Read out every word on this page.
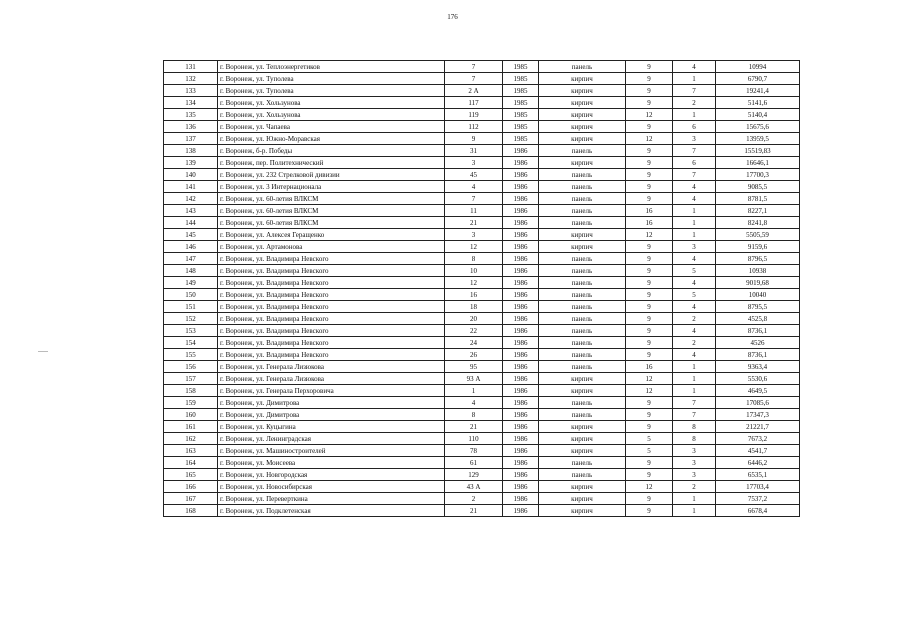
176
131	г. Воронеж, ул. Теплоэнергетиков	7	1985	панель	9	4	10994
132	г. Воронеж, ул. Туполева	7	1985	кирпич	9	1	6790,7
133	г. Воронеж, ул. Туполева	2 А	1985	кирпич	9	7	19241,4
134	г. Воронеж, ул. Хользунова	117	1985	кирпич	9	2	5141,6
135	г. Воронеж, ул. Хользунова	119	1985	кирпич	12	1	5140,4
136	г. Воронеж, ул. Чапаева	112	1985	кирпич	9	6	15675,6
137	г. Воронеж, ул. Южно-Моравская	9	1985	кирпич	12	3	13959,5
138	г. Воронеж, б-р. Победы	31	1986	панель	9	7	15519,83
139	г. Воронеж, пер. Политехнический	3	1986	кирпич	9	6	16646,1
140	г. Воронеж, ул. 232 Стрелковой дивизии	45	1986	панель	9	7	17700,3
141	г. Воронеж, ул. 3 Интернационала	4	1986	панель	9	4	9085,5
142	г. Воронеж, ул. 60-летия ВЛКСМ	7	1986	панель	9	4	8781,5
143	г. Воронеж, ул. 60-летия ВЛКСМ	11	1986	панель	16	1	8227,1
144	г. Воронеж, ул. 60-летия ВЛКСМ	21	1986	панель	16	1	8241,8
145	г. Воронеж, ул. Алексея Геращенко	3	1986	кирпич	12	1	5505,59
146	г. Воронеж, ул. Артамонова	12	1986	кирпич	9	3	9159,6
147	г. Воронеж, ул. Владимира Невского	8	1986	панель	9	4	8796,5
148	г. Воронеж, ул. Владимира Невского	10	1986	панель	9	5	10938
149	г. Воронеж, ул. Владимира Невского	12	1986	панель	9	4	9019,68
150	г. Воронеж, ул. Владимира Невского	16	1986	панель	9	5	10040
151	г. Воронеж, ул. Владимира Невского	18	1986	панель	9	4	8795,5
152	г. Воронеж, ул. Владимира Невского	20	1986	панель	9	2	4525,8
153	г. Воронеж, ул. Владимира Невского	22	1986	панель	9	4	8736,1
154	г. Воронеж, ул. Владимира Невского	24	1986	панель	9	2	4526
155	г. Воронеж, ул. Владимира Невского	26	1986	панель	9	4	8736,1
156	г. Воронеж, ул. Генерала Лизюкова	95	1986	панель	16	1	9363,4
157	г. Воронеж, ул. Генерала Лизюкова	93 А	1986	кирпич	12	1	5530,6
158	г. Воронеж, ул. Генерала Перхоровича	1	1986	кирпич	12	1	4649,5
159	г. Воронеж, ул. Димитрова	4	1986	панель	9	7	17085,6
160	г. Воронеж, ул. Димитрова	8	1986	панель	9	7	17347,3
161	г. Воронеж, ул. Куцыгина	21	1986	кирпич	9	8	21221,7
162	г. Воронеж, ул. Ленинградская	110	1986	кирпич	5	8	7673,2
163	г. Воронеж, ул. Машиностроителей	78	1986	кирпич	5	3	4541,7
164	г. Воронеж, ул. Моисеева	61	1986	панель	9	3	6446,2
165	г. Воронеж, ул. Новгородская	129	1986	панель	9	3	6535,1
166	г. Воронеж, ул. Новосибирская	43 А	1986	кирпич	12	2	17703,4
167	г. Воронеж, ул. Переверткина	2	1986	кирпич	9	1	7537,2
168	г. Воронеж, ул. Подклетенская	21	1986	кирпич	9	1	6678,4
